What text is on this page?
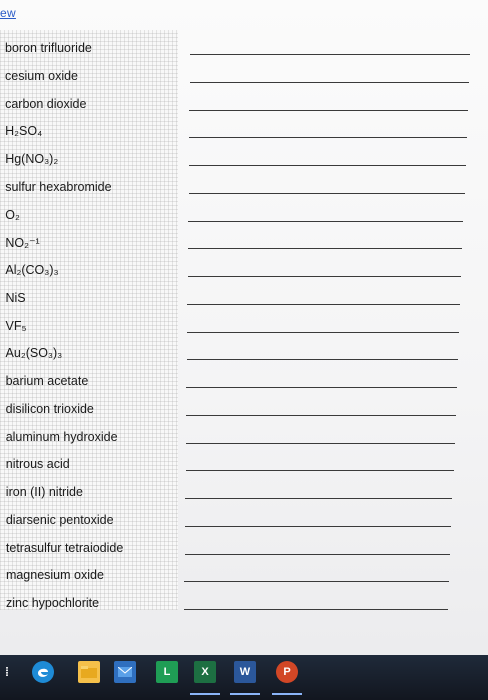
ew
boron trifluoride
cesium oxide
carbon dioxide
H₂SO₄
Hg(NO₃)₂
sulfur hexabromide
O₂
NO₂⁻¹
Al₂(CO₃)₃
NiS
VF₅
Au₂(SO₃)₃
barium acetate
disilicon trioxide
aluminum hydroxide
nitrous acid
iron (II) nitride
diarsenic pentoxide
tetrasulfur tetraiodide
magnesium oxide
zinc hypochlorite
⁞	L	X	W	P
